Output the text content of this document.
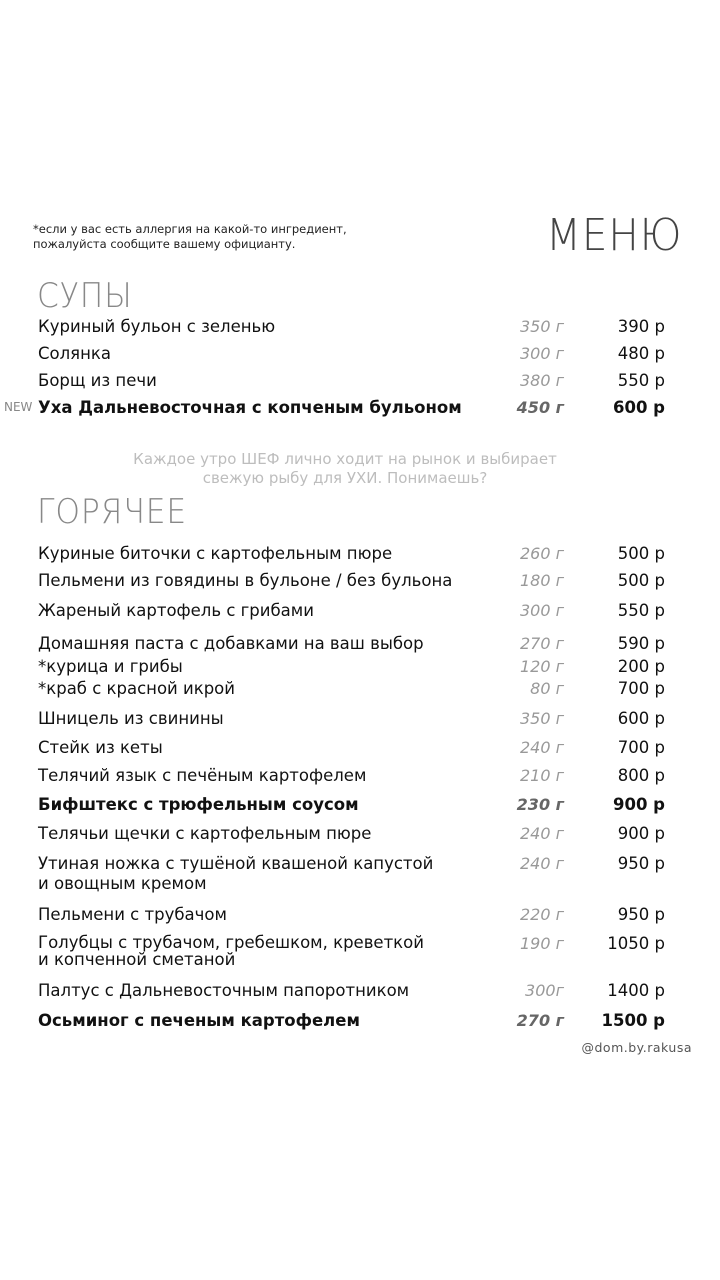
*если у вас есть аллергия на какой-то ингредиент,
пожалуйста сообщите вашему официанту.	МЕНЮ
СУПЫ
Куриный бульон с зеленью	350 г	390 р
Солянка	300 г	480 р
Борщ из печи	380 г	550 р
NEW Уха Дальневосточная с копченым бульоном	450 г	600 р
Каждое утро ШЕФ лично ходит на рынок и выбирает
свежую рыбу для УХИ. Понимаешь?
ГОРЯЧЕЕ
Куриные биточки с картофельным пюре	260 г	500 р
Пельмени из говядины в бульоне / без бульона	180 г	500 р
Жареный картофель с грибами	300 г	550 р
Домашняя паста с добавками на ваш выбор	270 г	590 р
*курица и грибы	120 г	200 р
*краб с красной икрой	80 г	700 р
Шницель из свинины	350 г	600 р
Стейк из кеты	240 г	700 р
Телячий язык с печёным картофелем	210 г	800 р
Бифштекс с трюфельным соусом	230 г	900 р
Телячьи щечки с картофельным пюре	240 г	900 р
Утиная ножка с тушёной квашеной капустой
и овощным кремом
240 г	950 р
Пельмени с трубачом	220 г	950 р
Голубцы с трубачом, гребешком, креветкой
и копченной сметаной
190 г	1050 р
Палтус с Дальневосточным папоротником	300г	1400 р
Осьминог с печеным картофелем	270 г 1500 р
@dom.by.rakusa
